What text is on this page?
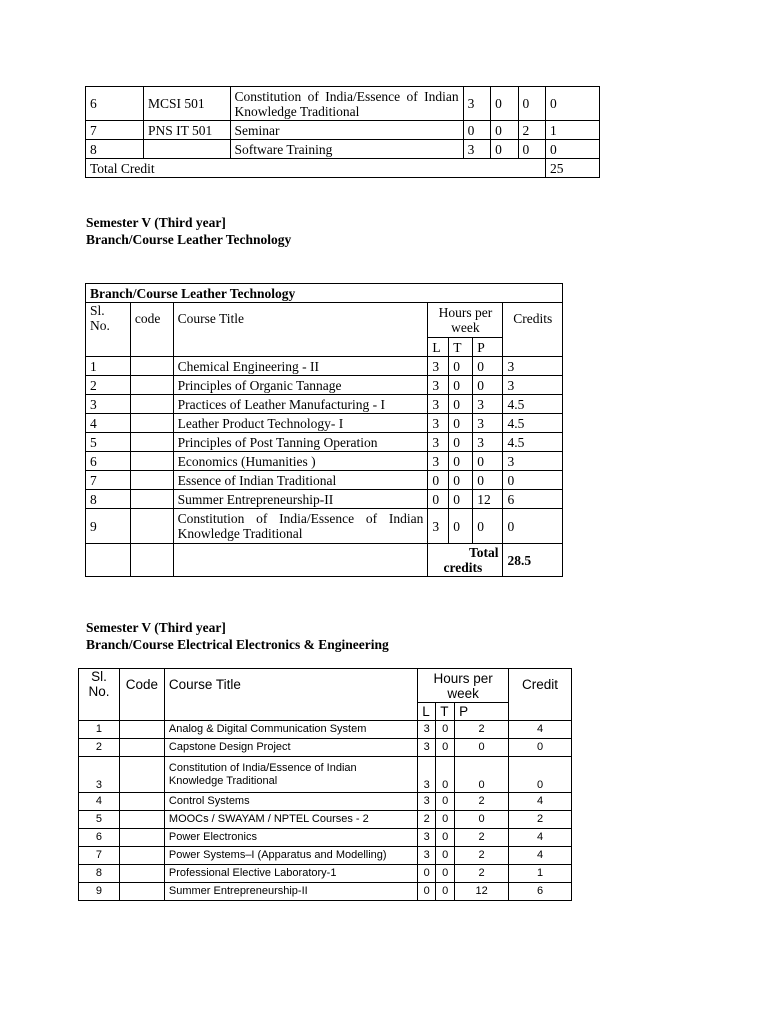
6	MCSI 501	Constitution of India/Essence of Indian Knowledge Traditional	3	0	0	0
7	PNS IT 501	Seminar	0	0	2	1
8		Software Training	3	0	0	0
Total Credit						25
Semester V (Third year]
Branch/Course Leather Technology
Branch/Course Leather Technology						
Sl. No.	code	Course Title	Hours per week			Credits
			L	T	P	
1		Chemical Engineering - II	3	0	0	3
2		Principles of Organic Tannage	3	0	0	3
3		Practices of Leather Manufacturing - I	3	0	3	4.5
4		Leather Product Technology- I	3	0	3	4.5
5		Principles of Post Tanning Operation	3	0	3	4.5
6		Economics (Humanities )	3	0	0	3
7		Essence of Indian Traditional	0	0	0	0
8		Summer Entrepreneurship-II	0	0	12	6
9		Constitution of India/Essence of Indian Knowledge Traditional	3	0	0	0

			Total credits			28.5
Semester V (Third year]
Branch/Course Electrical Electronics & Engineering
Sl. No.	Code	Course Title	Hours per week			Credit
			L	T	P	
1		Analog & Digital Communication System	3	0	2	4
2		Capstone Design Project	3	0	0	0
3		Constitution of India/Essence of Indian Knowledge Traditional	3	0	0	0
4		Control Systems	3	0	2	4
5		MOOCs / SWAYAM / NPTEL Courses - 2	2	0	0	2
6		Power Electronics	3	0	2	4
7		Power Systems–I (Apparatus and Modelling)	3	0	2	4
8		Professional Elective Laboratory-1	0	0	2	1
9		Summer Entrepreneurship-II	0	0	12	6
